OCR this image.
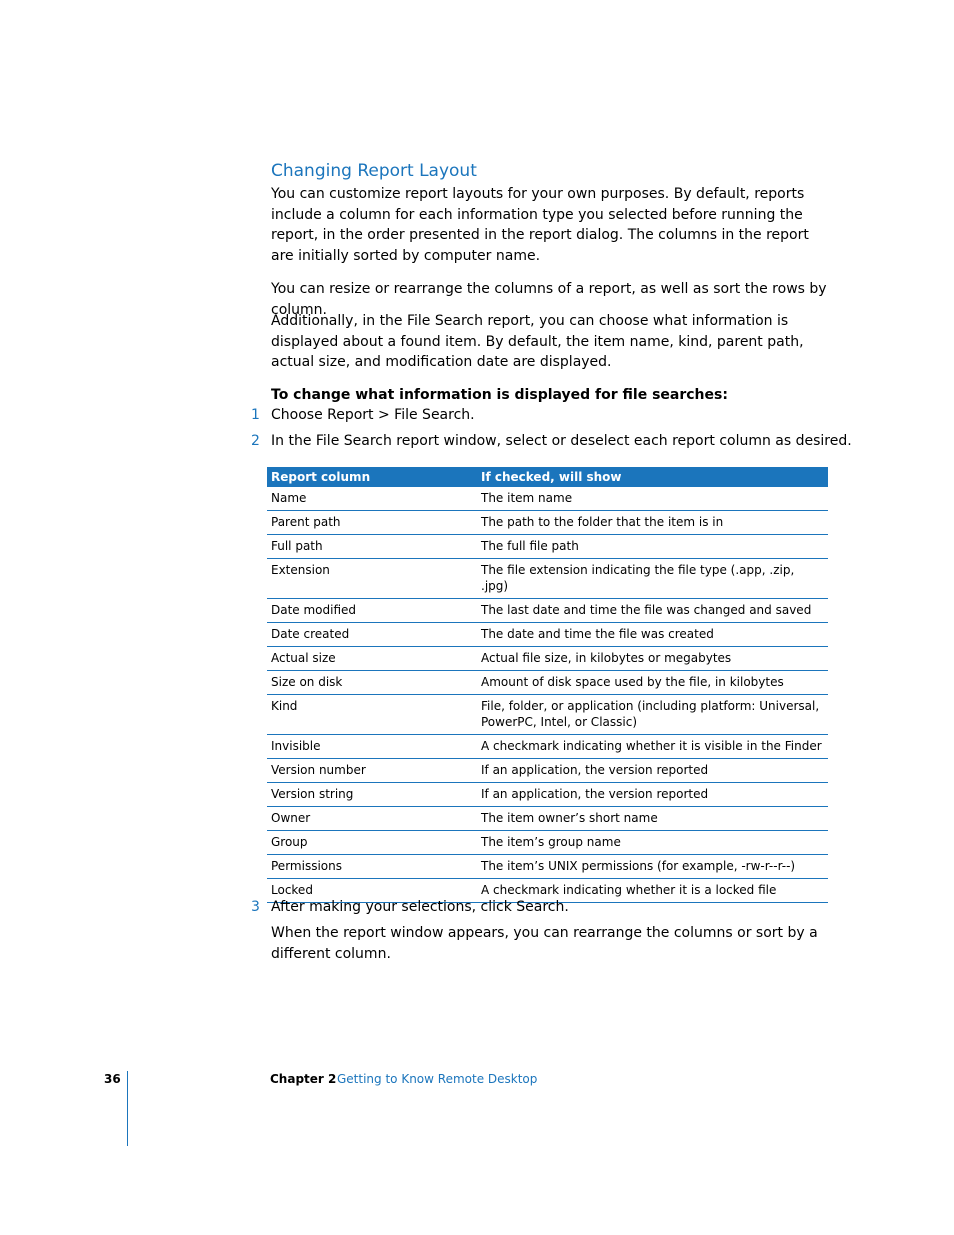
Changing Report Layout

You can customize report layouts for your own purposes. By default, reports include a column for each information type you selected before running the report, in the order presented in the report dialog. The columns in the report are initially sorted by computer name.

You can resize or rearrange the columns of a report, as well as sort the rows by column.

Additionally, in the File Search report, you can choose what information is displayed about a found item. By default, the item name, kind, parent path, actual size, and modification date are displayed.

To change what information is displayed for file searches:

1 Choose Report > File Search.
2 In the File Search report window, select or deselect each report column as desired.
Report column	If checked, will show
Name	The item name
Parent path	The path to the folder that the item is in
Full path	The full file path
Extension	The file extension indicating the file type (.app, .zip, .jpg)
Date modified	The last date and time the file was changed and saved
Date created	The date and time the file was created
Actual size	Actual file size, in kilobytes or megabytes
Size on disk	Amount of disk space used by the file, in kilobytes
Kind	File, folder, or application (including platform: Universal, PowerPC, Intel, or Classic)
Invisible	A checkmark indicating whether it is visible in the Finder
Version number	If an application, the version reported
Version string	If an application, the version reported
Owner	The item owner’s short name
Group	The item’s group name
Permissions	The item’s UNIX permissions (for example, -rw-r--r--)
Locked	A checkmark indicating whether it is a locked file
3 After making your selections, click Search.

When the report window appears, you can rearrange the columns or sort by a different column.

36	Chapter 2 Getting to Know Remote Desktop
